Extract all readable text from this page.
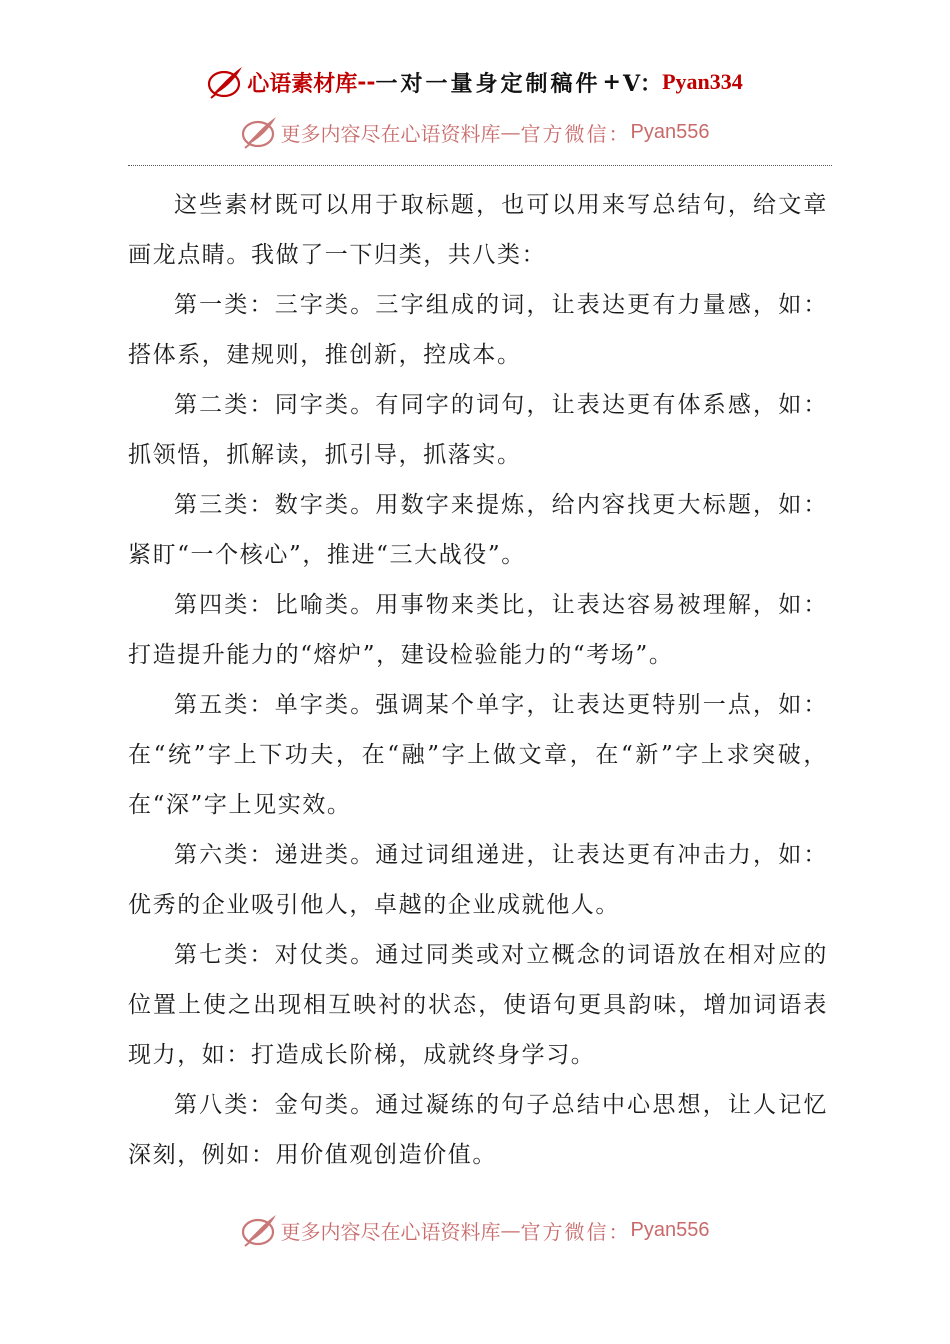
心语素材库 -- 一对一量身定制稿件 + V： Pyan334
更多内容尽在心语资料库 — 官方微信： Pyan556

这些素材既可以用于取标题，也可以用来写总结句，给文章画龙点睛。我做了一下归类，共八类：

第一类：三字类。三字组成的词，让表达更有力量感，如：搭体系，建规则，推创新，控成本。

第二类：同字类。有同字的词句，让表达更有体系感，如：抓领悟，抓解读，抓引导，抓落实。

第三类：数字类。用数字来提炼，给内容找更大标题，如：紧盯“一个核心”，推进“三大战役”。

第四类：比喻类。用事物来类比，让表达容易被理解，如：打造提升能力的“熔炉”，建设检验能力的“考场”。

第五类：单字类。强调某个单字，让表达更特别一点，如：在“统”字上下功夫，在“融”字上做文章，在“新”字上求突破，在“深”字上见实效。

第六类：递进类。通过词组递进，让表达更有冲击力，如：优秀的企业吸引他人，卓越的企业成就他人。

第七类：对仗类。通过同类或对立概念的词语放在相对应的位置上使之出现相互映衬的状态，使语句更具韵味，增加词语表现力，如：打造成长阶梯，成就终身学习。

第八类：金句类。通过凝练的句子总结中心思想，让人记忆深刻，例如：用价值观创造价值。

更多内容尽在心语资料库 — 官方微信： Pyan556
